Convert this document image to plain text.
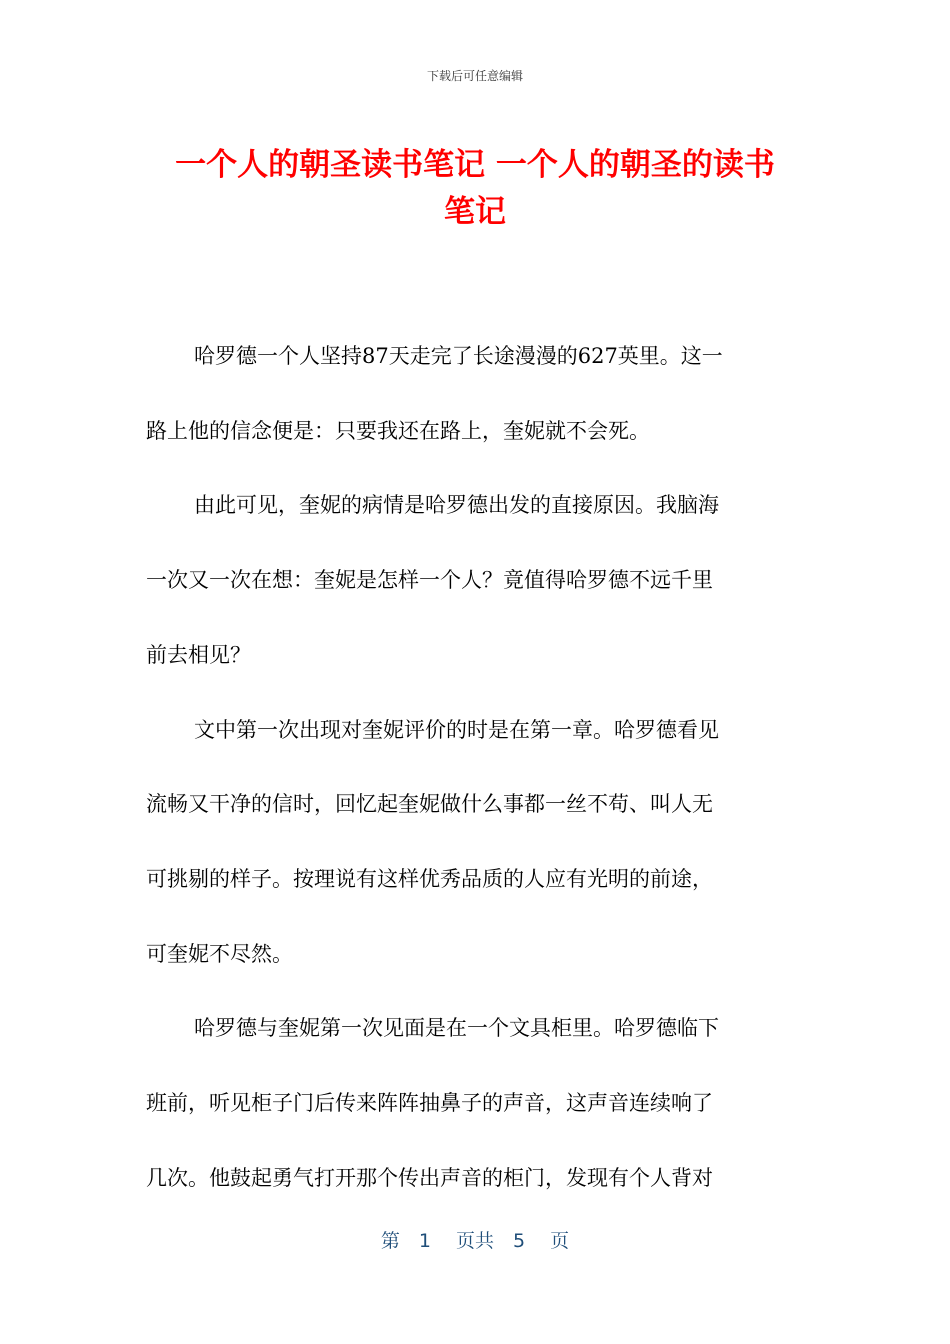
下载后可任意编辑
一个人的朝圣读书笔记 一个人的朝圣的读书
笔记
哈罗德一个人坚持87天走完了长途漫漫的627英里。这一
路上他的信念便是：只要我还在路上，奎妮就不会死。
由此可见，奎妮的病情是哈罗德出发的直接原因。我脑海
一次又一次在想：奎妮是怎样一个人？竟值得哈罗德不远千里
前去相见？
文中第一次出现对奎妮评价的时是在第一章。哈罗德看见
流畅又干净的信时，回忆起奎妮做什么事都一丝不苟、叫人无
可挑剔的样子。按理说有这样优秀品质的人应有光明的前途，
可奎妮不尽然。
哈罗德与奎妮第一次见面是在一个文具柜里。哈罗德临下
班前，听见柜子门后传来阵阵抽鼻子的声音，这声音连续响了
几次。他鼓起勇气打开那个传出声音的柜门，发现有个人背对
第　1　 页共　5　 页
